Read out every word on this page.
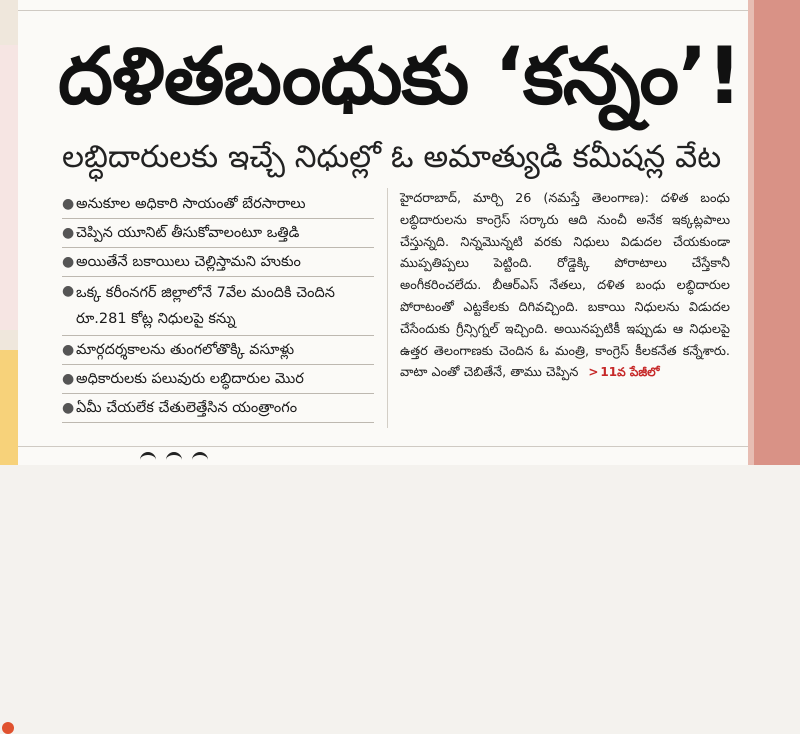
దళితబంధుకు ‘కన్నం’!
లబ్ధిదారులకు ఇచ్చే నిధుల్లో ఓ అమాత్యుడి కమీషన్ల వేట
● అనుకూల అధికారి సాయంతో బేరసారాలు
● చెప్పిన యూనిట్ తీసుకోవాలంటూ ఒత్తిడి
● అయితేనే బకాయిలు చెల్లిస్తామని హుకుం
● ఒక్క కరీంనగర్ జిల్లాలోనే 7వేల మందికి చెందిన రూ.281 కోట్ల నిధులపై కన్ను
● మార్గదర్శకాలను తుంగలోతొక్కి వసూళ్లు
● అధికారులకు పలువురు లబ్ధిదారుల మొర
● ఏమీ చేయలేక చేతులెత్తేసిన యంత్రాంగం

హైదరాబాద్, మార్చి 26 (నమస్తే తెలంగాణ): దళిత బంధు లబ్ధిదారులను కాంగ్రెస్ సర్కారు ఆది నుంచీ అనేక ఇక్కట్లపాలు చేస్తున్నది. నిన్నమొన్నటి వరకు నిధులు విడుదల చేయకుండా ముప్పతిప్పలు పెట్టింది. రోడ్డెక్కి పోరాటాలు చేస్తేకానీ అంగీకరించలేదు. బీఆర్ఎస్ నేతలు, దళిత బంధు లబ్ధిదారుల పోరాటంతో ఎట్టకేలకు దిగివచ్చింది. బకాయి నిధులను విడుదల చేసేందుకు గ్రీన్సిగ్నల్ ఇచ్చింది. అయినప్పటికీ ఇప్పుడు ఆ నిధులపై ఉత్తర తెలంగాణకు చెందిన ఓ మంత్రి, కాంగ్రెస్ కీలకనేత కన్నేశారు. వాటా ఎంతో చెబితేనే, తాము చెప్పిన > 11వ పేజీలో
